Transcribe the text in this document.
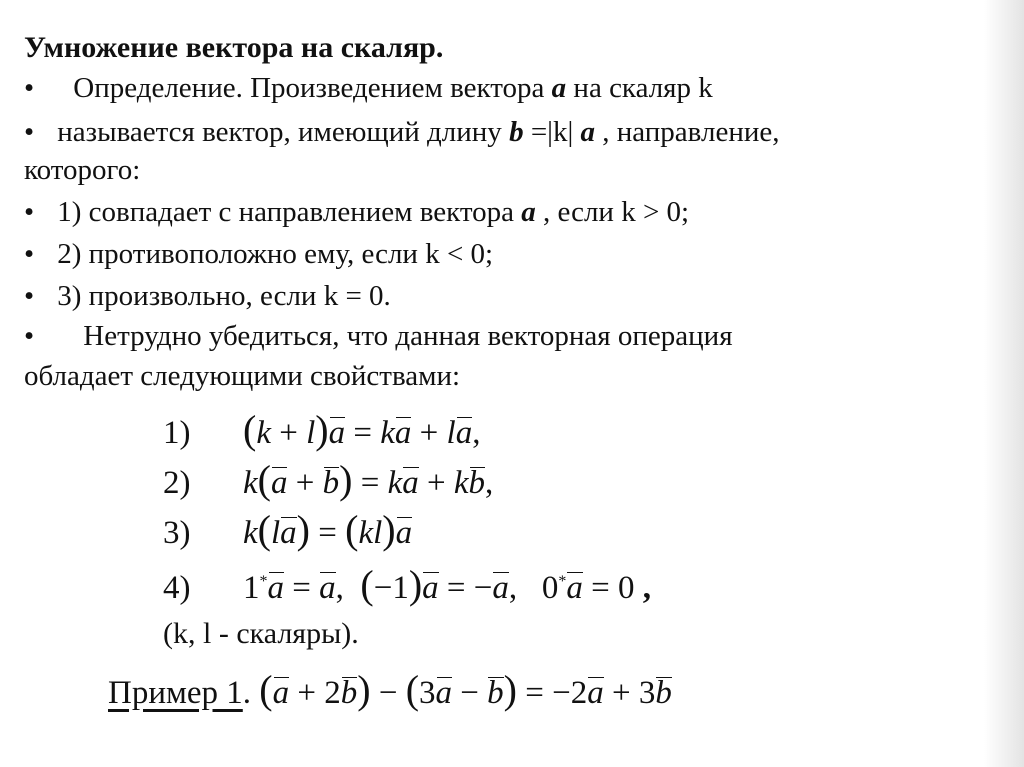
Умножение вектора на скаляр.
• Определение. Произведением вектора a на скаляр k
• называется вектор, имеющий длину b =|k| a , направление,
которого:
• 1) совпадает с направлением вектора a , если k > 0;
• 2) противоположно ему, если k < 0;
• 3) произвольно, если k = 0.
• Нетрудно убедиться, что данная векторная операция
обладает следующими свойствами:
1) (k + l)a = ka + la,
2) k(a + b) = ka + kb,
3) k(la) = (kl)a
4) 1*a = a,  (−1)a = −a,   0*a = 0 ,
(k, l - скаляры).
Пример 1. (a + 2b) − (3a − b) = −2a + 3b
